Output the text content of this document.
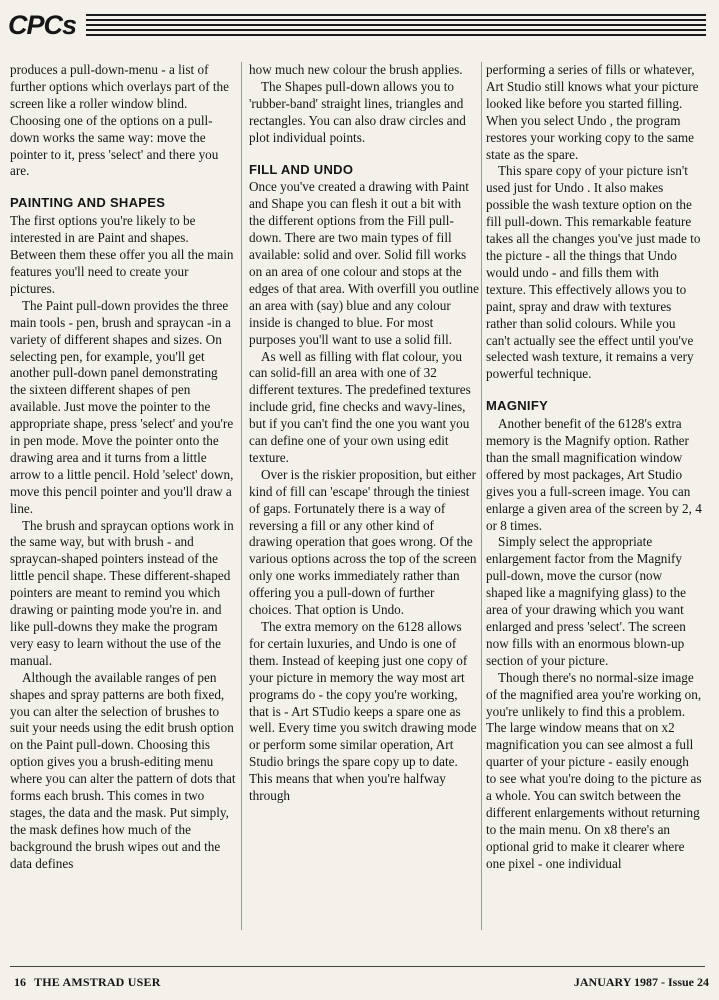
CPCs

produces a pull-down-menu - a list of further options which overlays part of the screen like a roller window blind. Choosing one of the options on a pull-down works the same way: move the pointer to it, press 'select' and there you are.

PAINTING AND SHAPES

The first options you're likely to be interested in are Paint and shapes. Between them these offer you all the main features you'll need to create your pictures.

The Paint pull-down provides the three main tools - pen, brush and spraycan -in a variety of different shapes and sizes. On selecting pen, for example, you'll get another pull-down panel demonstrating the sixteen different shapes of pen available. Just move the pointer to the appropriate shape, press 'select' and you're in pen mode. Move the pointer onto the drawing area and it turns from a little arrow to a little pencil. Hold 'select' down, move this pencil pointer and you'll draw a line.

The brush and spraycan options work in the same way, but with brush - and spraycan-shaped pointers instead of the little pencil shape. These different-shaped pointers are meant to remind you which drawing or painting mode you're in. and like pull-downs they make the program very easy to learn without the use of the manual.

Although the available ranges of pen shapes and spray patterns are both fixed, you can alter the selection of brushes to suit your needs using the edit brush option on the Paint pull-down. Choosing this option gives you a brush-editing menu where you can alter the pattern of dots that forms each brush. This comes in two stages, the data and the mask. Put simply, the mask defines how much of the background the brush wipes out and the data defines

how much new colour the brush applies.

The Shapes pull-down allows you to 'rubber-band' straight lines, triangles and rectangles. You can also draw circles and plot individual points.

FILL AND UNDO

Once you've created a drawing with Paint and Shape you can flesh it out a bit with the different options from the Fill pull-down. There are two main types of fill available: solid and over. Solid fill works on an area of one colour and stops at the edges of that area. With overfill you outline an area with (say) blue and any colour inside is changed to blue. For most purposes you'll want to use a solid fill.

As well as filling with flat colour, you can solid-fill an area with one of 32 different textures. The predefined textures include grid, fine checks and wavy-lines, but if you can't find the one you want you can define one of your own using edit texture.

Over is the riskier proposition, but either kind of fill can 'escape' through the tiniest of gaps. Fortunately there is a way of reversing a fill or any other kind of drawing operation that goes wrong. Of the various options across the top of the screen only one works immediately rather than offering you a pull-down of further choices. That option is Undo.

The extra memory on the 6128 allows for certain luxuries, and Undo is one of them. Instead of keeping just one copy of your picture in memory the way most art programs do - the copy you're working, that is - Art STudio keeps a spare one as well. Every time you switch drawing mode or perform some similar operation, Art Studio brings the spare copy up to date. This means that when you're halfway through

performing a series of fills or whatever, Art Studio still knows what your picture looked like before you started filling. When you select Undo , the program restores your working copy to the same state as the spare.

This spare copy of your picture isn't used just for Undo . It also makes possible the wash texture option on the fill pull-down. This remarkable feature takes all the changes you've just made to the picture - all the things that Undo would undo - and fills them with texture. This effectively allows you to paint, spray and draw with textures rather than solid colours. While you can't actually see the effect until you've selected wash texture, it remains a very powerful technique.

MAGNIFY

Another benefit of the 6128's extra memory is the Magnify option. Rather than the small magnification window offered by most packages, Art Studio gives you a full-screen image. You can enlarge a given area of the screen by 2, 4 or 8 times.

Simply select the appropriate enlargement factor from the Magnify pull-down, move the cursor (now shaped like a magnifying glass) to the area of your drawing which you want enlarged and press 'select'. The screen now fills with an enormous blown-up section of your picture.

Though there's no normal-size image of the magnified area you're working on, you're unlikely to find this a problem. The large window means that on x2 magnification you can see almost a full quarter of your picture - easily enough to see what you're doing to the picture as a whole. You can switch between the different enlargements without returning to the main menu. On x8 there's an optional grid to make it clearer where one pixel - one individual

16 THE AMSTRAD USER	JANUARY 1987 - Issue 24
